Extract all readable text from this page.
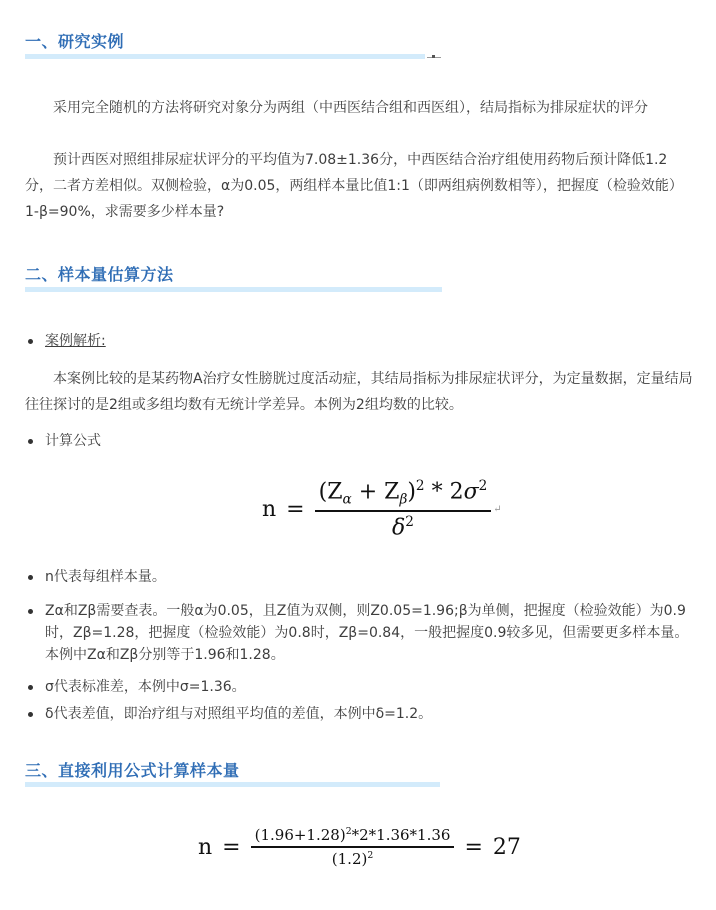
一、研究实例
采用完全随机的方法将研究对象分为两组（中西医结合组和西医组），结局指标为排尿症状的评分
预计西医对照组排尿症状评分的平均值为7.08±1.36分，中西医结合治疗组使用药物后预计降低1.2分，二者方差相似。双侧检验，α为0.05，两组样本量比值1:1（即两组病例数相等），把握度（检验效能）1-β=90%，求需要多少样本量?
二、样本量估算方法
案例解析:
本案例比较的是某药物A治疗女性膀胱过度活动症，其结局指标为排尿症状评分，为定量数据，定量结局往往探讨的是2组或多组均数有无统计学差异。本例为2组均数的比较。
计算公式
$n = \frac{(Z_\alpha + Z_\beta)^2 * 2\sigma^2}{\delta^2}$ ↵
n代表每组样本量。
Zα和Zβ需要查表。一般α为0.05，且Z值为双侧，则Z0.05=1.96;β为单侧，把握度（检验效能）为0.9时，Zβ=1.28，把握度（检验效能）为0.8时，Zβ=0.84，一般把握度0.9较多见，但需要更多样本量。本例中Zα和Zβ分别等于1.96和1.28。
σ代表标准差，本例中σ=1.36。
δ代表差值，即治疗组与对照组平均值的差值，本例中δ=1.2。
三、直接利用公式计算样本量
$n = \frac{(1.96+1.28)^2*2*1.36*1.36}{(1.2)^2} = 27$
